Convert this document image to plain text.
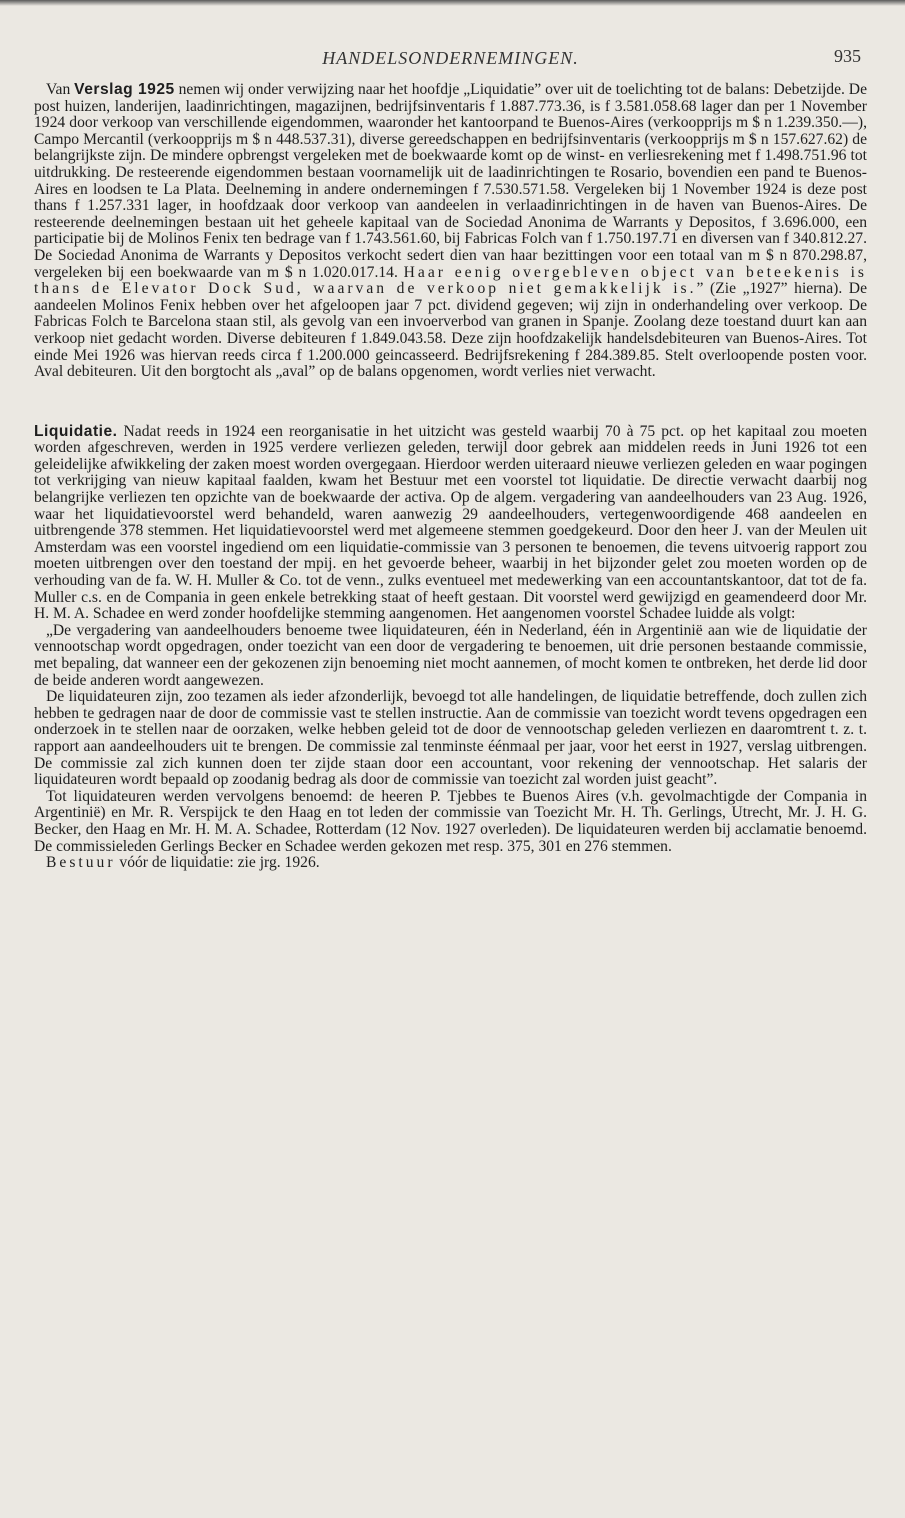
HANDELSONDERNEMINGEN.	935

Van Verslag 1925 nemen wij onder verwijzing naar het hoofdje „Liquidatie” over uit de toelichting tot de balans: Debetzijde. De post huizen, landerijen, laadinrichtingen, magazijnen, bedrijfsinventaris f 1.887.773.36, is f 3.581.058.68 lager dan per 1 November 1924 door verkoop van verschillende eigendommen, waaronder het kantoorpand te Buenos-Aires (verkoopprijs m $ n 1.239.350.—), Campo Mercantil (verkoopprijs m $ n 448.537.31), diverse gereedschappen en bedrijfsinventaris (verkoopprijs m $ n 157.627.62) de belangrijkste zijn. De mindere opbrengst vergeleken met de boekwaarde komt op de winst- en verliesrekening met f 1.498.751.96 tot uitdrukking. De resteerende eigendommen bestaan voornamelijk uit de laadinrichtingen te Rosario, bovendien een pand te Buenos-Aires en loodsen te La Plata. Deelneming in andere ondernemingen f 7.530.571.58. Vergeleken bij 1 November 1924 is deze post thans f 1.257.331 lager, in hoofdzaak door verkoop van aandeelen in verlaadinrichtingen in de haven van Buenos-Aires. De resteerende deelnemingen bestaan uit het geheele kapitaal van de Sociedad Anonima de Warrants y Depositos, f 3.696.000, een participatie bij de Molinos Fenix ten bedrage van f 1.743.561.60, bij Fabricas Folch van f 1.750.197.71 en diversen van f 340.812.27. De Sociedad Anonima de Warrants y Depositos verkocht sedert dien van haar bezittingen voor een totaal van m $ n 870.298.87, vergeleken bij een boekwaarde van m $ n 1.020.017.14. Haar eenig overgebleven object van beteekenis is thans de Elevator Dock Sud, waarvan de verkoop niet gemakkelijk is.” (Zie „1927” hierna). De aandeelen Molinos Fenix hebben over het afgeloopen jaar 7 pct. dividend gegeven; wij zijn in onderhandeling over verkoop. De Fabricas Folch te Barcelona staan stil, als gevolg van een invoerverbod van granen in Spanje. Zoolang deze toestand duurt kan aan verkoop niet gedacht worden. Diverse debiteuren f 1.849.043.58. Deze zijn hoofdzakelijk handelsdebiteuren van Buenos-Aires. Tot einde Mei 1926 was hiervan reeds circa f 1.200.000 geincasseerd. Bedrijfsrekening f 284.389.85. Stelt overloopende posten voor. Aval debiteuren. Uit den borgtocht als „aval” op de balans opgenomen, wordt verlies niet verwacht.

Liquidatie. Nadat reeds in 1924 een reorganisatie in het uitzicht was gesteld waarbij 70 à 75 pct. op het kapitaal zou moeten worden afgeschreven, werden in 1925 verdere verliezen geleden, terwijl door gebrek aan middelen reeds in Juni 1926 tot een geleidelijke afwikkeling der zaken moest worden overgegaan. Hierdoor werden uiteraard nieuwe verliezen geleden en waar pogingen tot verkrijging van nieuw kapitaal faalden, kwam het Bestuur met een voorstel tot liquidatie. De directie verwacht daarbij nog belangrijke verliezen ten opzichte van de boekwaarde der activa. Op de algem. vergadering van aandeelhouders van 23 Aug. 1926, waar het liquidatievoorstel werd behandeld, waren aanwezig 29 aandeelhouders, vertegenwoordigende 468 aandeelen en uitbrengende 378 stemmen. Het liquidatievoorstel werd met algemeene stemmen goedgekeurd. Door den heer J. van der Meulen uit Amsterdam was een voorstel ingediend om een liquidatie-commissie van 3 personen te benoemen, die tevens uitvoerig rapport zou moeten uitbrengen over den toestand der mpij. en het gevoerde beheer, waarbij in het bijzonder gelet zou moeten worden op de verhouding van de fa. W. H. Muller & Co. tot de venn., zulks eventueel met medewerking van een accountantskantoor, dat tot de fa. Muller c.s. en de Compania in geen enkele betrekking staat of heeft gestaan. Dit voorstel werd gewijzigd en geamendeerd door Mr. H. M. A. Schadee en werd zonder hoofdelijke stemming aangenomen. Het aangenomen voorstel Schadee luidde als volgt:

„De vergadering van aandeelhouders benoeme twee liquidateuren, één in Nederland, één in Argentinië aan wie de liquidatie der vennootschap wordt opgedragen, onder toezicht van een door de vergadering te benoemen, uit drie personen bestaande commissie, met bepaling, dat wanneer een der gekozenen zijn benoeming niet mocht aannemen, of mocht komen te ontbreken, het derde lid door de beide anderen wordt aangewezen.

De liquidateuren zijn, zoo tezamen als ieder afzonderlijk, bevoegd tot alle handelingen, de liquidatie betreffende, doch zullen zich hebben te gedragen naar de door de commissie vast te stellen instructie. Aan de commissie van toezicht wordt tevens opgedragen een onderzoek in te stellen naar de oorzaken, welke hebben geleid tot de door de vennootschap geleden verliezen en daaromtrent t. z. t. rapport aan aandeelhouders uit te brengen. De commissie zal tenminste éénmaal per jaar, voor het eerst in 1927, verslag uitbrengen. De commissie zal zich kunnen doen ter zijde staan door een accountant, voor rekening der vennootschap. Het salaris der liquidateuren wordt bepaald op zoodanig bedrag als door de commissie van toezicht zal worden juist geacht”.

Tot liquidateuren werden vervolgens benoemd: de heeren P. Tjebbes te Buenos Aires (v.h. gevolmachtigde der Compania in Argentinië) en Mr. R. Verspijck te den Haag en tot leden der commissie van Toezicht Mr. H. Th. Gerlings, Utrecht, Mr. J. H. G. Becker, den Haag en Mr. H. M. A. Schadee, Rotterdam (12 Nov. 1927 overleden). De liquidateuren werden bij acclamatie benoemd. De commissieleden Gerlings Becker en Schadee werden gekozen met resp. 375, 301 en 276 stemmen.

Bestuur vóór de liquidatie: zie jrg. 1926.
